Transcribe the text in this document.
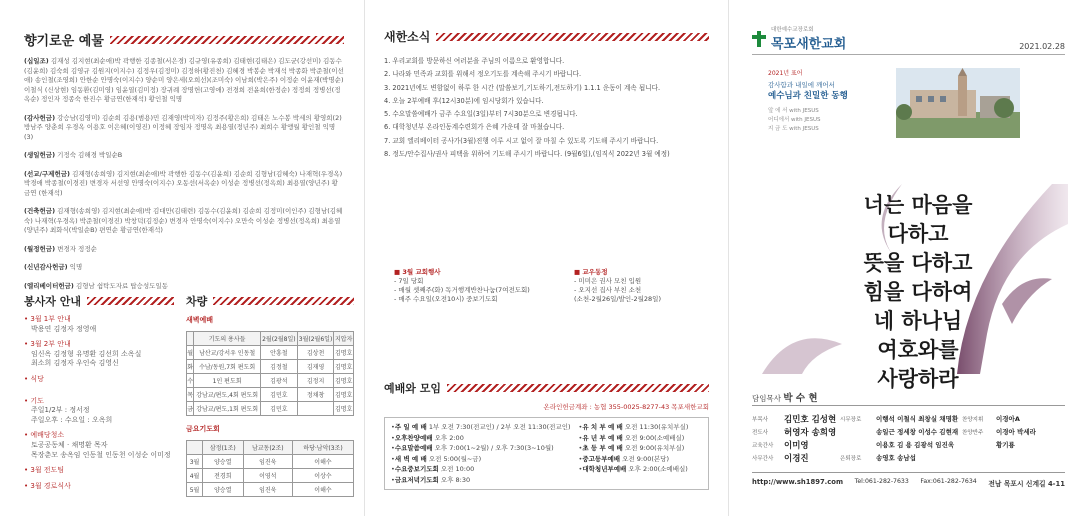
향기로운 예물
(십일조) 김재성 김지현(최순애)박 곽행한 김종철(서은경) 김규영(유종희) 김태현(김태은) 김도균(강선미) 김동수 (김윤희) 김숙희 김영규 김원지(이지수) 김정우(김정미) 김정하(황진천) 김혜경 박봉순 박재석 박종화 박준철(이선애) 송인철(조영희) 안한순 안명숙(이지수) 양순미 양은세(오희선)(조미숙) 이남희(박은주) 이정순 이윤재(박명순) 이철식 (신상현) 임동환(김미영) 임윤열(김미정) 장귀례 장명헌(고영애) 전경희 전윤희(한정순) 정정희 정병선(정옥순) 정인자 정종숙 한진수 황금연(한재석) 황인철 익명
(감사헌금) 강승남(김영미) 김순희 김용(범용)민 김재영(박미자) 김정주(황은희) 김태은 노수봉 박세의 황영희(2) 방남주 양춘희 우경옥 이용호 이은혜(이영진) 이정혜 장임자 정명옥 최용열(정년주) 최희수 황앵월 황인철 익명(3)
(생일헌금) 기정숙 김해경 박일순B
(선교/구제헌금) 김재형(송희영) 김지현(최순애)박 곽행한 김동수(김윤희) 김순희 김형남(김혜숙) 나재혁(우경옥) 박경애 박종철(이경진) 변경자 서선영 안명숙(이지수) 오동선(서옥순) 이성순 정병선(정옥희) 최용열(양년주) 황금연 (한재석)
(건축헌금) 김재형(송희영) 김지현(최순애)박 김대만(김태련) 김동수(김윤희) 김순희 김정미(이인주) 김형남(김혜숙) 나재혁(우경옥) 박준철(이경진) 박창덕(김정순) 변경자 안명숙(이지수) 오만숙 이성순 정병선(정옥희) 최용열(양년주) 최화식(박일순B) 편연순 황금연(한재석)
(월정헌금) 변경자 정정순
(신년감사헌금) 익명
(엘리베이터헌금) 김형남 쉼탁도자료 탑승성도일동
봉사자 안내
• 3월 1부 안내
박용연 김정자 정영애
• 3월 2부 안내
임신옥 김정형 유명환 김선희 소옥실
최소희 김정자 우인숙 김영신
• 식당
• 기도
주일1/2부 : 정서정
주일오후 : 수요일 : 오옥희
• 예배당청소
토공공동체 · 채명환 목자
목장춘모 송옥임 인동철 인동천 이성순 이미정
• 3월 전도팀
• 3월 경로식사
차량
새벽예배
	기도의 용사들	2월(2월8일)	3월(2월6일)	지압자
월	남산교/강서우 인동철	안흥철	김상천	김명호
화	수남/동원,7회 편도회	김정철	김재영	김명호
수	1인 편도회	김광석	김정지	김명호
목	강남교/편도,4회 편도회	김민호	정채창	김명호
금	강남교/편도,1회 편도회	김민호		김명호
금요기도회
	삼정(1조)	남교동(2조)	하당·남악(3조)
3월	양승열	임진욱	이해수
4월	전경희	이영석	이상수
5월	양승열	임진욱	이해수
새한소식
1. 우리교회를 방문하신 여러분을 주님의 이름으로 환영합니다.
2. 나라와 민족과 교회를 위해서 정오기도를 계속해 주시기 바랍니다.
3. 2021년에도 변함없이 하루 한 시간 (말씀보기,기도하기,전도하기) 1.1.1 운동이 계속 됩니다.
4. 오늘 2부예배 후(12시30분)에 임시당회가 있습니다.
5. 수요말씀예배가 금주 수요일(3일)부터 7시30분으로 변경됩니다.
6. 대학청년부 온라인동계수련회가 은혜 가운데 잘 마쳤습니다.
7. 교회 엘리베이터 공사가(3월)진행 이루 시고 없이 잘 마칠 수 있도록 기도해 주시기 바랍니다.
8. 정도/안수집사/권사 피택을 위하여 기도해 주시기 바랍니다. (9월6일),(임직식 2022년 3월 예정)
■ 3월 교회행사
- 7일 당회
- 매월 셋째주(화) 독거행계반찬나눔(7여전도회)
- 매주 수요일(오전10시) 중보기도회
■ 교우동정
- 미미은 권사 모친 입원
- 오지선 집사 부친 소천
(소천-2월26일/발인-2월28일)
예배와 모임
온라인헌금계좌 : 농협 355-0025-8277-43 목포새한교회
•주 일 예 배 1부 오전 7:30(전교인) / 2부 오전 11:30(전교인)
•오후찬양예배 오후 2:00
•수요말씀예배 오후 7:00(1~2월) / 오후 7:30(3~10월)
•새 벽 예 배 오전 5:00(월~금)
•수요중보기도회 오전 10:00
•금요저녁기도회 오후 8:30
•유 치 부 예 배 오전 11:30(유치부실)
•유 년 부 예 배 오전 9:00(소예배실)
•초 등 부 예 배 오전 9:00(유치부실)
•중고등부예배 오전 9:00(본당)
•대학청년부예배 오후 2:00(소예배실)
대한예수교장로회
목포새한교회	2021.02.28
2021년 표어
감사함과 내일에 깨어서
예수님과 친밀한 동행
앞 에 서 with JESUS
어디에서 with JESUS
지 금 도 with JESUS
너는 마음을
다하고
뜻을 다하고
힘을 다하여
네 하나님
여호와를
사랑하라
담임목사 박 수 현
부목사	김민호 김성현 시무장로	이행석 이철식 최창실 채명환 찬양지휘	이경아A
전도사	허영자 송희영	송일근 정세창 이성수 김현재 찬양반주	이경아 박세라
교육간사	이미영	이용호 김 용 김광석 임진욱	황기룡
사무간사	이경진	은퇴장로	송영호 송남섭
http://www.sh1897.com Tel:061-282-7633 Fax:061-282-7634 전남 목포시 신계길 4-11
